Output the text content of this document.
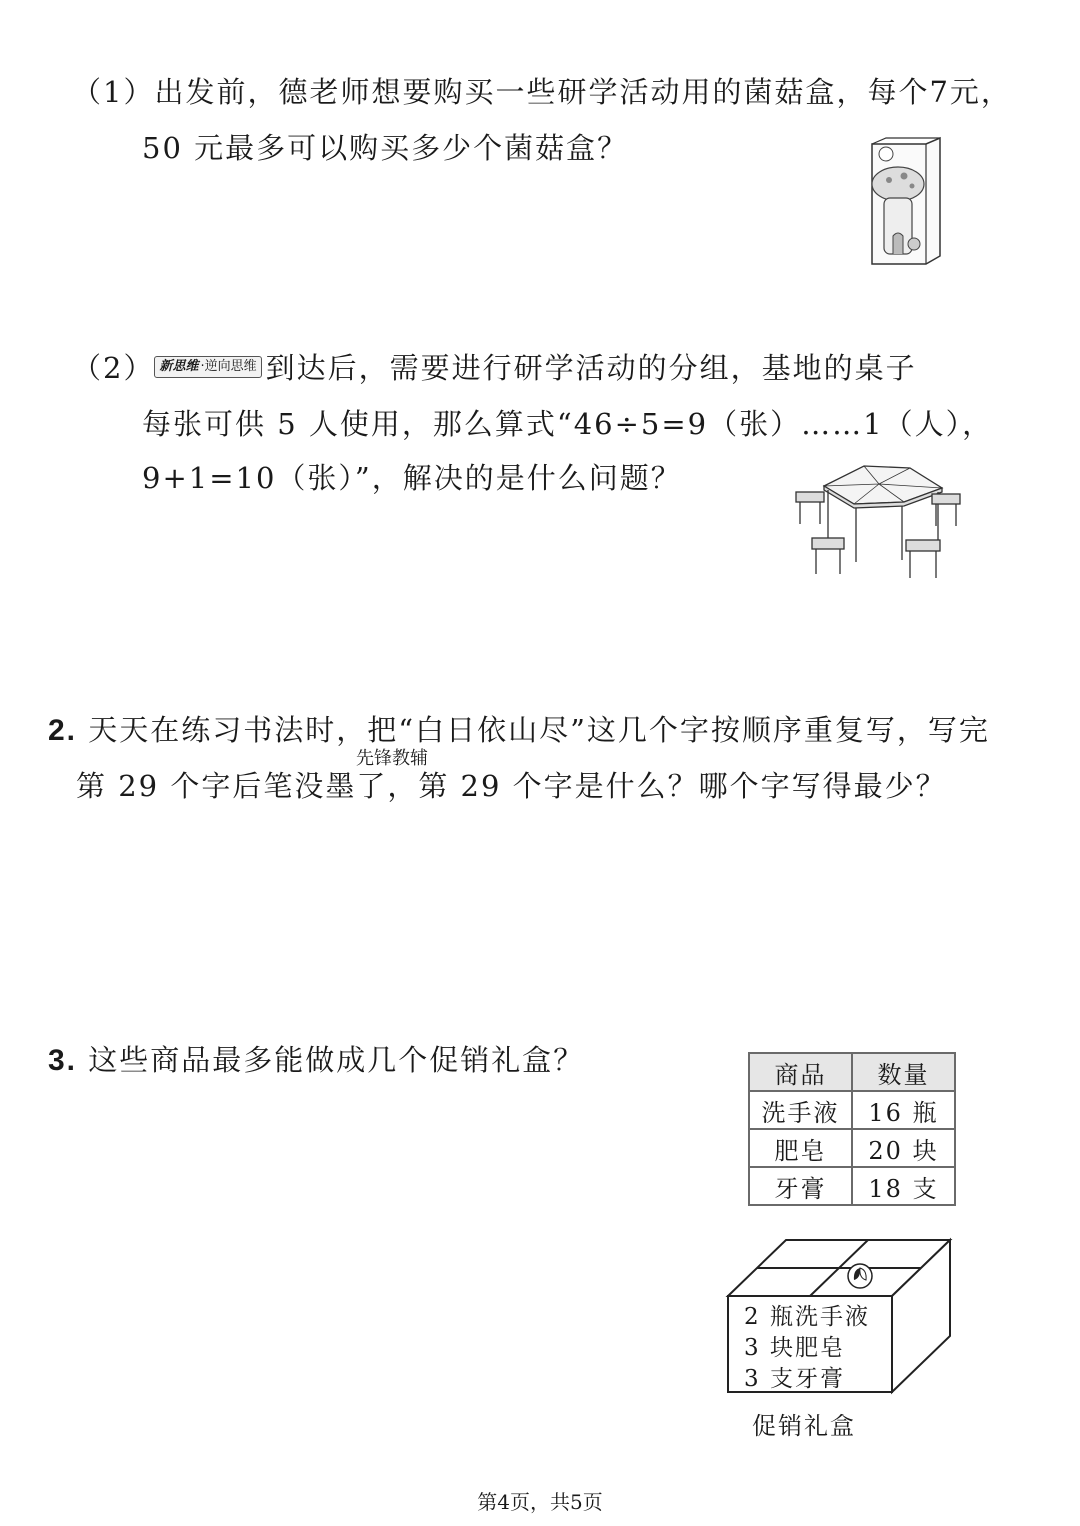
（1）出发前，德老师想要购买一些研学活动用的菌菇盒，每个7元，
50 元最多可以购买多少个菌菇盒？
（2） 新思维 ·逆向思维 到达后，需要进行研学活动的分组，基地的桌子
每张可供 5 人使用，那么算式“46÷5=9（张）……1（人），
9+1=10（张）”，解决的是什么问题？
2. 天天在练习书法时，把“白日依山尽”这几个字按顺序重复写，写完
先锋教辅
第 29 个字后笔没墨了，第 29 个字是什么？哪个字写得最少？
3. 这些商品最多能做成几个促销礼盒？	商品	数量
洗手液	16 瓶
肥皂	20 块
牙膏	18 支
2 瓶洗手液
3 块肥皂
3 支牙膏
促销礼盒
第4页，共5页
